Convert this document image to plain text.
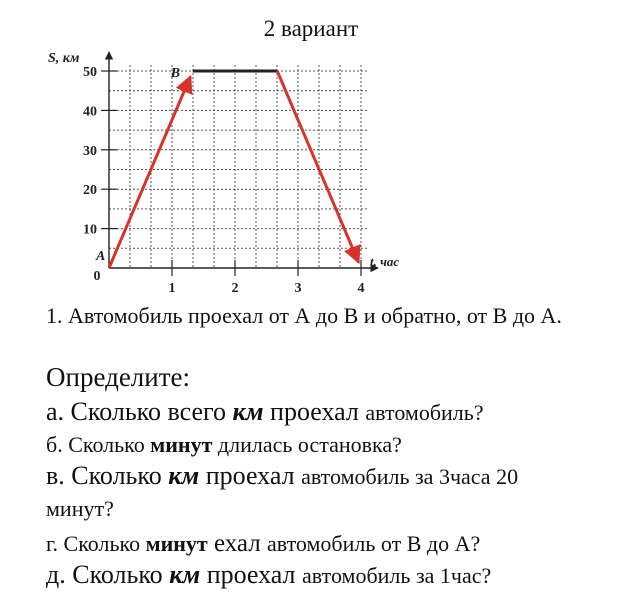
2 вариант
10
20
30
40
50
1	2	3	4
0
S, км
t, час
A
B
1. Автомобиль проехал от А до В и обратно, от В до А.
Определите:
а. Сколько всего км проехал автомобиль?
б. Сколько минут длилась остановка?
в. Сколько км проехал автомобиль за 3часа 20
минут?
г. Сколько минут ехал автомобиль от В до А?
д. Сколько км проехал автомобиль за 1час?
